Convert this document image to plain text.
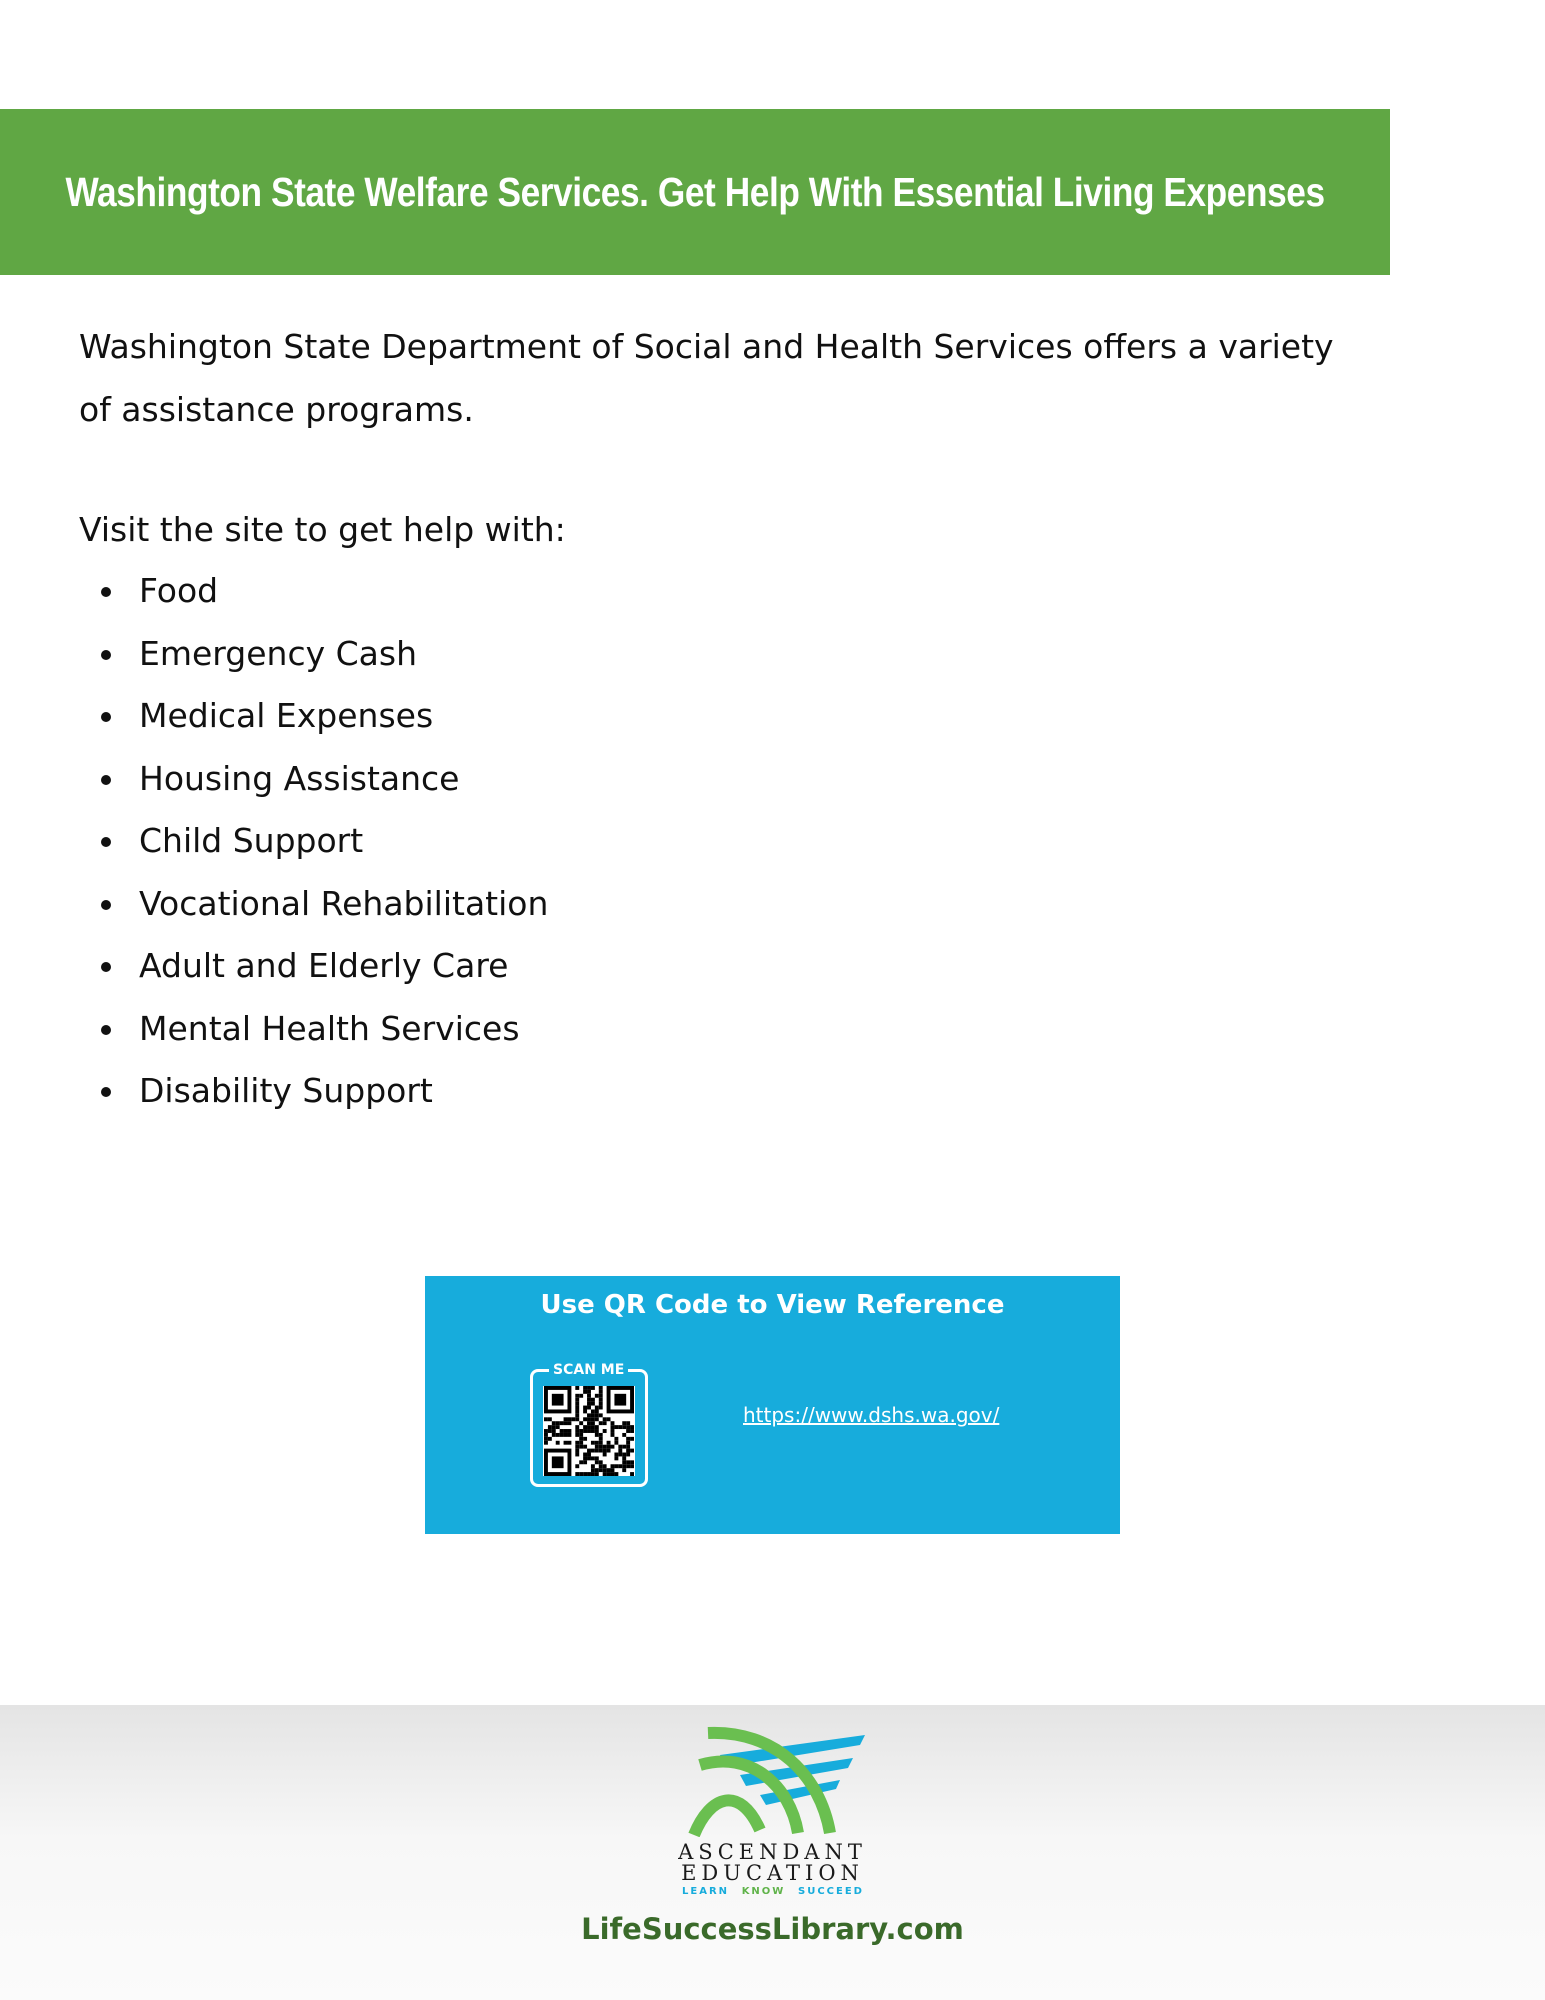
Washington State Welfare Services. Get Help With Essential Living Expenses

Washington State Department of Social and Health Services offers a variety of assistance programs.

Visit the site to get help with:

Food
Emergency Cash
Medical Expenses
Housing Assistance
Child Support
Vocational Rehabilitation
Adult and Elderly Care
Mental Health Services
Disability Support

Use QR Code to View Reference

SCAN ME
https://www.dshs.wa.gov/

ASCENDANT

EDUCATION

LEARN KNOW SUCCEED

LifeSuccessLibrary.com
